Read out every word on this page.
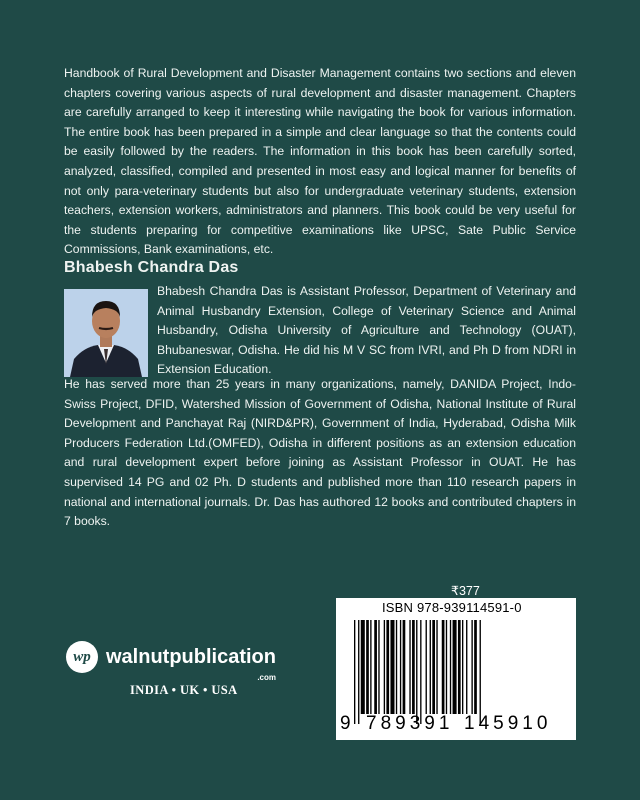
Handbook of Rural Development and Disaster Management contains two sections and eleven chapters covering various aspects of rural development and disaster management. Chapters are carefully arranged to keep it interesting while navigating the book for various information. The entire book has been prepared in a simple and clear language so that the contents could be easily followed by the readers. The information in this book has been carefully sorted, analyzed, classified, compiled and presented in most easy and logical manner for benefits of not only para-veterinary students but also for undergraduate veterinary students, extension teachers, extension workers, administrators and planners. This book could be very useful for the students preparing for competitive examinations like UPSC, Sate Public Service Commissions, Bank examinations, etc.

Bhabesh Chandra Das

Bhabesh Chandra Das is Assistant Professor, Department of Veterinary and Animal Husbandry Extension, College of Veterinary Science and Animal Husbandry, Odisha University of Agriculture and Technology (OUAT), Bhubaneswar, Odisha. He did his M V SC from IVRI, and Ph D from NDRI in Extension Education.

He has served more than 25 years in many organizations, namely, DANIDA Project, Indo-Swiss Project, DFID, Watershed Mission of Government of Odisha, National Institute of Rural Development and Panchayat Raj (NIRD&PR), Government of India, Hyderabad, Odisha Milk Producers Federation Ltd.(OMFED), Odisha in different positions as an extension education and rural development expert before joining as Assistant Professor in OUAT. He has supervised 14 PG and 02 Ph. D students and published more than 110 research papers in national and international journals. Dr. Das has authored 12 books and contributed chapters in 7 books.

wp walnutpublication
.com
INDIA • UK • USA
₹377
ISBN 978-939114591-0
9 789391 145910
